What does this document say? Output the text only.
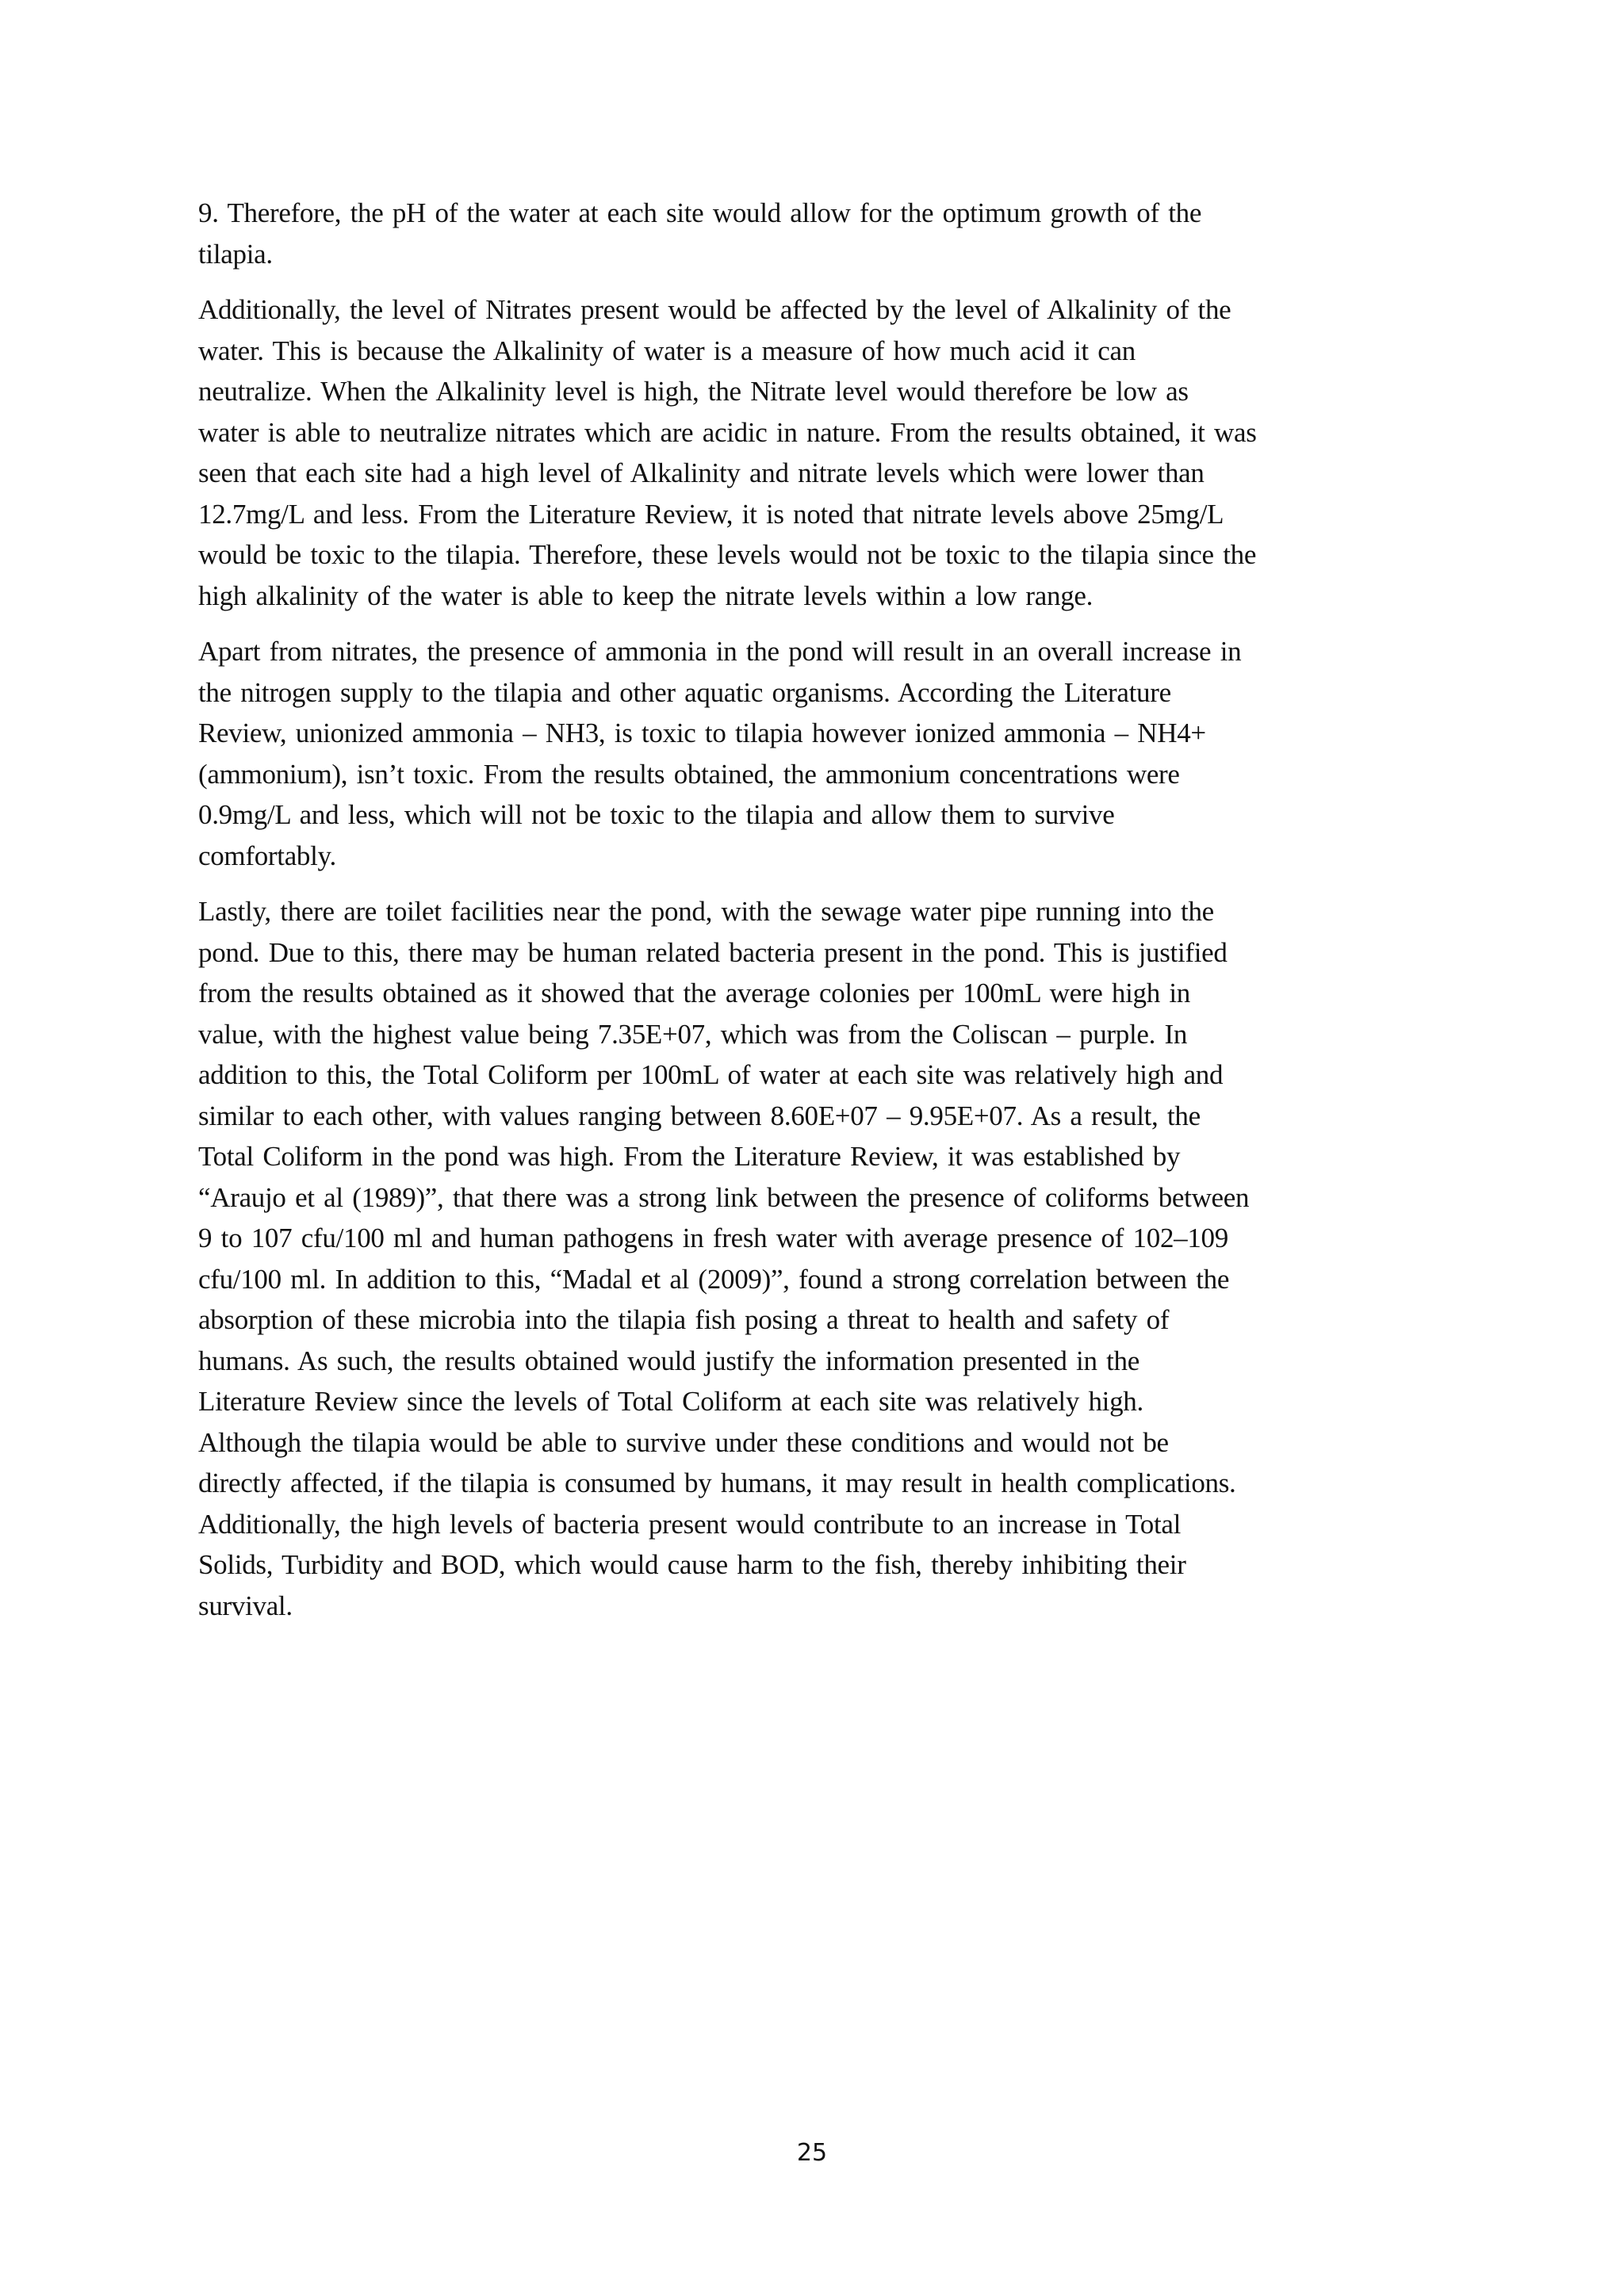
9. Therefore, the pH of the water at each site would allow for the optimum growth of the
tilapia.

Additionally, the level of Nitrates present would be affected by the level of Alkalinity of the
water. This is because the Alkalinity of water is a measure of how much acid it can
neutralize. When the Alkalinity level is high, the Nitrate level would therefore be low as
water is able to neutralize nitrates which are acidic in nature. From the results obtained, it was
seen that each site had a high level of Alkalinity and nitrate levels which were lower than
12.7mg/L and less. From the Literature Review, it is noted that nitrate levels above 25mg/L
would be toxic to the tilapia. Therefore, these levels would not be toxic to the tilapia since the
high alkalinity of the water is able to keep the nitrate levels within a low range.

Apart from nitrates, the presence of ammonia in the pond will result in an overall increase in
the nitrogen supply to the tilapia and other aquatic organisms. According the Literature
Review, unionized ammonia – NH3, is toxic to tilapia however ionized ammonia – NH4+
(ammonium), isn’t toxic. From the results obtained, the ammonium concentrations were
0.9mg/L and less, which will not be toxic to the tilapia and allow them to survive
comfortably.

Lastly, there are toilet facilities near the pond, with the sewage water pipe running into the
pond. Due to this, there may be human related bacteria present in the pond. This is justified
from the results obtained as it showed that the average colonies per 100mL were high in
value, with the highest value being 7.35E+07, which was from the Coliscan – purple. In
addition to this, the Total Coliform per 100mL of water at each site was relatively high and
similar to each other, with values ranging between 8.60E+07 – 9.95E+07. As a result, the
Total Coliform in the pond was high. From the Literature Review, it was established by
“Araujo et al (1989)”, that there was a strong link between the presence of coliforms between
9 to 107 cfu/100 ml and human pathogens in fresh water with average presence of 102–109
cfu/100 ml. In addition to this, “Madal et al (2009)”, found a strong correlation between the
absorption of these microbia into the tilapia fish posing a threat to health and safety of
humans. As such, the results obtained would justify the information presented in the
Literature Review since the levels of Total Coliform at each site was relatively high.
Although the tilapia would be able to survive under these conditions and would not be
directly affected, if the tilapia is consumed by humans, it may result in health complications.
Additionally, the high levels of bacteria present would contribute to an increase in Total
Solids, Turbidity and BOD, which would cause harm to the fish, thereby inhibiting their
survival.

25
